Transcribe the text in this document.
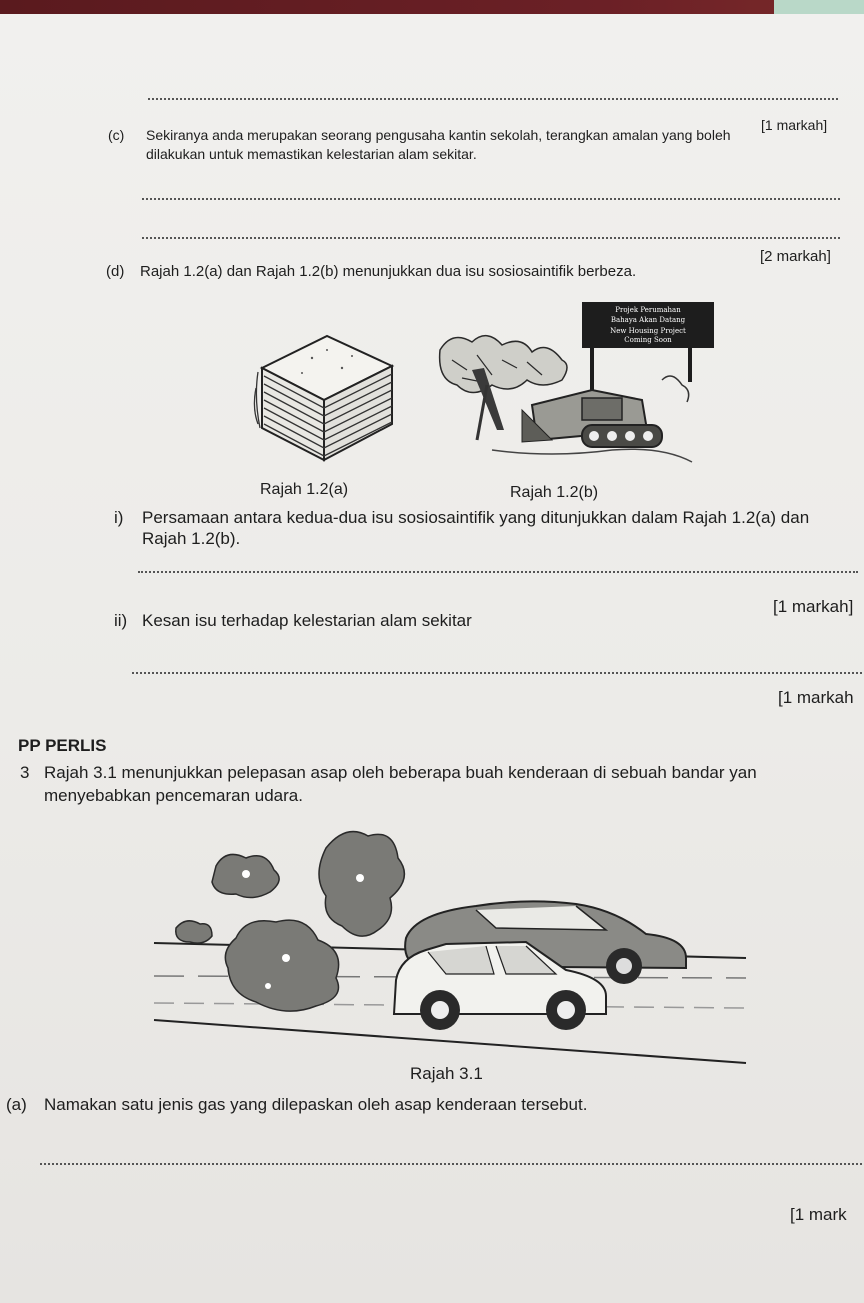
[1 markah]
(c) Sekiranya anda merupakan seorang pengusaha kantin sekolah, terangkan amalan yang boleh
dilakukan untuk memastikan kelestarian alam sekitar.
[2 markah]
(d) Rajah 1.2(a) dan Rajah 1.2(b) menunjukkan dua isu sosiosaintifik berbeza.
Projek Perumahan
Bahaya Akan Datang
New Housing Project
Coming Soon
Rajah 1.2(a)	Rajah 1.2(b)
i) Persamaan antara kedua-dua isu sosiosaintifik yang ditunjukkan dalam Rajah 1.2(a) dan
Rajah 1.2(b).
[1 markah]
ii) Kesan isu terhadap kelestarian alam sekitar
[1 markah
PP PERLIS
3 Rajah 3.1 menunjukkan pelepasan asap oleh beberapa buah kenderaan di sebuah bandar yan
menyebabkan pencemaran udara.
Rajah 3.1
(a) Namakan satu jenis gas yang dilepaskan oleh asap kenderaan tersebut.
[1 mark
